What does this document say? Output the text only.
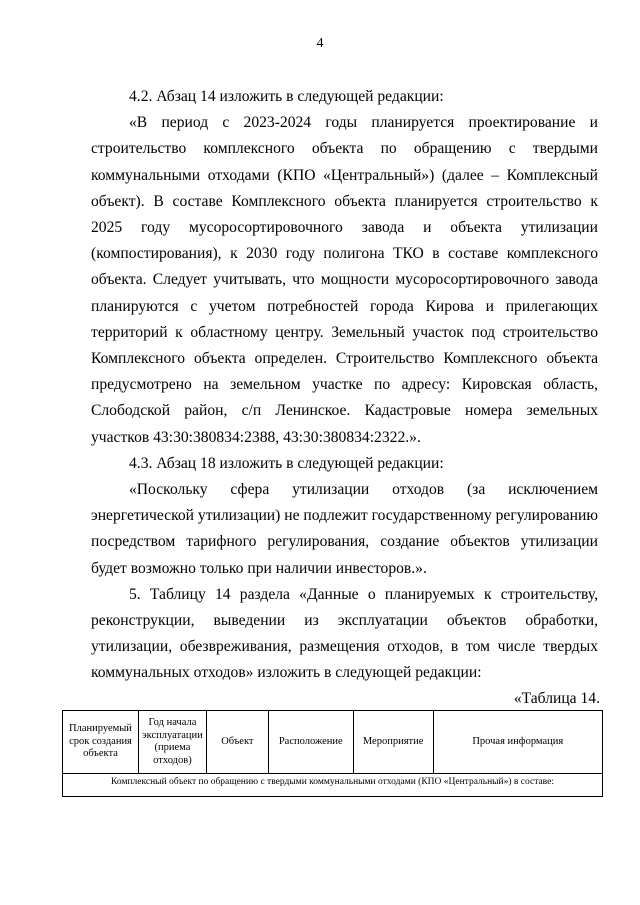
4

4.2. Абзац 14 изложить в следующей редакции:

«В период с 2023-2024 годы планируется проектирование и строительство комплексного объекта по обращению с твердыми коммунальными отходами (КПО «Центральный») (далее – Комплексный объект). В составе Комплексного объекта планируется строительство к 2025 году мусоросортировочного завода и объекта утилизации (компостирования), к 2030 году полигона ТКО в составе комплексного объекта. Следует учитывать, что мощности мусоросортировочного завода планируются с учетом потребностей города Кирова и прилегающих территорий к областному центру. Земельный участок под строительство Комплексного объекта определен. Строительство Комплексного объекта предусмотрено на земельном участке по адресу: Кировская область, Слободской район, с/п Ленинское. Кадастровые номера земельных участков 43:30:380834:2388, 43:30:380834:2322.».

4.3. Абзац 18 изложить в следующей редакции:

«Поскольку сфера утилизации отходов (за исключением энергетической утилизации) не подлежит государственному регулированию посредством тарифного регулирования, создание объектов утилизации будет возможно только при наличии инвесторов.».

5. Таблицу 14 раздела «Данные о планируемых к строительству, реконструкции, выведении из эксплуатации объектов обработки, утилизации, обезвреживания, размещения отходов, в том числе твердых коммунальных отходов» изложить в следующей редакции:

«Таблица 14.
Планируемый срок создания объекта	Год начала эксплуатации (приема отходов)	Объект	Расположение	Мероприятие	Прочая информация
Комплексный объект по обращению с твердыми коммунальными отходами (КПО «Центральный») в составе:
